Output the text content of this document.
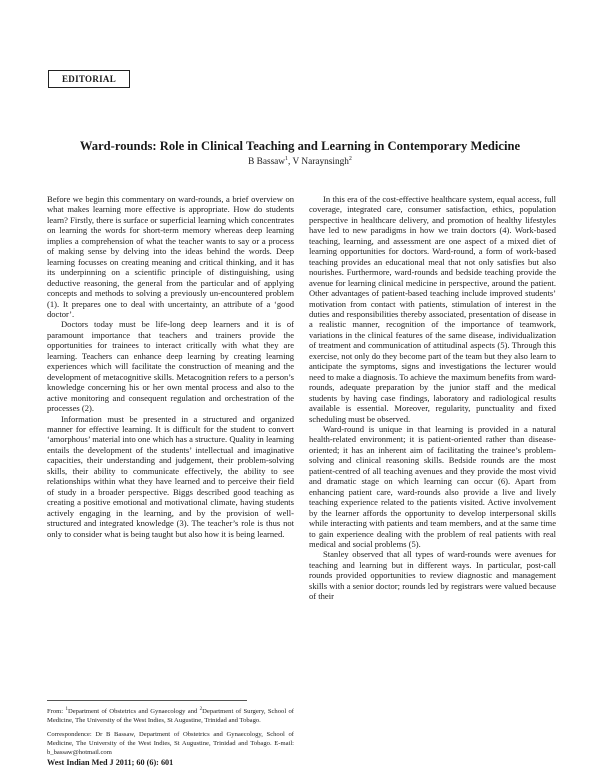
EDITORIAL
Ward-rounds: Role in Clinical Teaching and Learning in Contemporary Medicine
B Bassaw$^1$, V Naraynsingh$^2$

Before we begin this commentary on ward-rounds, a brief overview on what makes learning more effective is appropriate. How do students learn? Firstly, there is surface or superficial learning which concentrates on learning the words for short-term memory whereas deep learning implies a comprehension of what the teacher wants to say or a process of making sense by delving into the ideas behind the words. Deep learning focusses on creating meaning and critical thinking, and it has its underpinning on a scientific principle of distinguishing, using deductive reasoning, the general from the particular and of applying concepts and methods to solving a previously un-encountered problem (1). It prepares one to deal with uncertainty, an attribute of a ‘good doctor’.

Doctors today must be life-long deep learners and it is of paramount importance that teachers and trainers provide the opportunities for trainees to interact critically with what they are learning. Teachers can enhance deep learning by creating learning experiences which will facilitate the construction of meaning and the development of metacognitive skills. Metacognition refers to a person’s knowledge concerning his or her own mental process and also to the active monitoring and consequent regulation and orchestration of the processes (2).

Information must be presented in a structured and organized manner for effective learning. It is difficult for the student to convert ‘amorphous’ material into one which has a structure. Quality in learning entails the development of the students’ intellectual and imaginative capacities, their understanding and judgement, their problem-solving skills, their ability to communicate effectively, the ability to see relationships within what they have learned and to perceive their field of study in a broader perspective. Biggs described good teaching as creating a positive emotional and motivational climate, having students actively engaging in the learning, and by the provision of well-structured and integrated knowledge (3). The teacher’s role is thus not only to consider what is being taught but also how it is being learned.

In this era of the cost-effective healthcare system, equal access, full coverage, integrated care, consumer satisfaction, ethics, population perspective in healthcare delivery, and promotion of healthy lifestyles have led to new paradigms in how we train doctors (4). Work-based teaching, learning, and assessment are one aspect of a mixed diet of learning opportunities for doctors. Ward-round, a form of work-based teaching provides an educational meal that not only satisfies but also nourishes. Furthermore, ward-rounds and bedside teaching provide the avenue for learning clinical medicine in perspective, around the patient. Other advantages of patient-based teaching include improved students’ motivation from contact with patients, stimulation of interest in the duties and responsibilities thereby associated, presentation of disease in a realistic manner, recognition of the importance of teamwork, variations in the clinical features of the same disease, individualization of treatment and communication of attitudinal aspects (5). Through this exercise, not only do they become part of the team but they also learn to anticipate the symptoms, signs and investigations the lecturer would need to make a diagnosis. To achieve the maximum benefits from ward-rounds, adequate preparation by the junior staff and the medical students by having case findings, laboratory and radiological results available is essential. Moreover, regularity, punctuality and fixed scheduling must be observed.

Ward-round is unique in that learning is provided in a natural health-related environment; it is patient-oriented rather than disease-oriented; it has an inherent aim of facilitating the trainee’s problem-solving and clinical reasoning skills. Bedside rounds are the most patient-centred of all teaching avenues and they provide the most vivid and dramatic stage on which learning can occur (6). Apart from enhancing patient care, ward-rounds also provide a live and lively teaching experience related to the patients visited. Active involvement by the learner affords the opportunity to develop interpersonal skills while interacting with patients and team members, and at the same time to gain experience dealing with the problem of real patients with real medical and social problems (5).

Stanley observed that all types of ward-rounds were avenues for teaching and learning but in different ways. In particular, post-call rounds provided opportunities to review diagnostic and management skills with a senior doctor; rounds led by registrars were valued because of their

From: $^1$Department of Obstetrics and Gynaecology and $^2$Department of Surgery, School of Medicine, The University of the West Indies, St Augustine, Trinidad and Tobago.

Correspondence: Dr B Bassaw, Department of Obstetrics and Gynaecology, School of Medicine, The University of the West Indies, St Augustine, Trinidad and Tobago. E-mail: b_bassaw@hotmail.com

West Indian Med J 2011; 60 (6): 601
